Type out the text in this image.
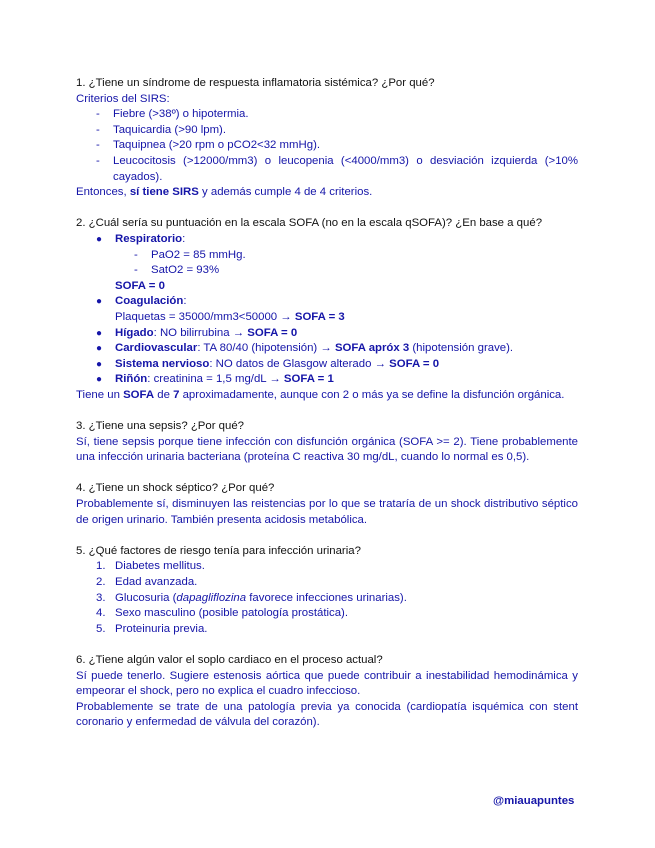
1. ¿Tiene un síndrome de respuesta inflamatoria sistémica? ¿Por qué?

Criterios del SIRS:
- Fiebre (>38º) o hipotermia.
- Taquicardia (>90 lpm).
- Taquipnea (>20 rpm o pCO2<32 mmHg).
- Leucocitosis (>12000/mm3) o leucopenia (<4000/mm3) o desviación izquierda (>10% cayados).
Entonces, sí tiene SIRS y además cumple 4 de 4 criterios.

2. ¿Cuál sería su puntuación en la escala SOFA (no en la escala qSOFA)? ¿En base a qué?

● Respiratorio:
- PaO2 = 85 mmHg.
- SatO2 = 93%
SOFA = 0
● Coagulación:
Plaquetas = 35000/mm3<50000 → SOFA = 3
● Hígado: NO bilirrubina → SOFA = 0
● Cardiovascular: TA 80/40 (hipotensión) → SOFA apróx 3 (hipotensión grave).
● Sistema nervioso: NO datos de Glasgow alterado → SOFA = 0
● Riñón: creatinina = 1,5 mg/dL → SOFA = 1
Tiene un SOFA de 7 aproximadamente, aunque con 2 o más ya se define la disfunción orgánica.

3. ¿Tiene una sepsis? ¿Por qué?

Sí, tiene sepsis porque tiene infección con disfunción orgánica (SOFA >= 2). Tiene probablemente una infección urinaria bacteriana (proteína C reactiva 30 mg/dL, cuando lo normal es 0,5).

4. ¿Tiene un shock séptico? ¿Por qué?

Probablemente sí, disminuyen las reistencias por lo que se trataría de un shock distributivo séptico de origen urinario. También presenta acidosis metabólica.

5. ¿Qué factores de riesgo tenía para infección urinaria?

1. Diabetes mellitus.
2. Edad avanzada.
3. Glucosuria (dapagliflozina favorece infecciones urinarias).
4. Sexo masculino (posible patología prostática).
5. Proteinuria previa.

6. ¿Tiene algún valor el soplo cardiaco en el proceso actual?

Sí puede tenerlo. Sugiere estenosis aórtica que puede contribuir a inestabilidad hemodinámica y empeorar el shock, pero no explica el cuadro infeccioso.
Probablemente se trate de una patología previa ya conocida (cardiopatía isquémica con stent coronario y enfermedad de válvula del corazón).
@miauapuntes
